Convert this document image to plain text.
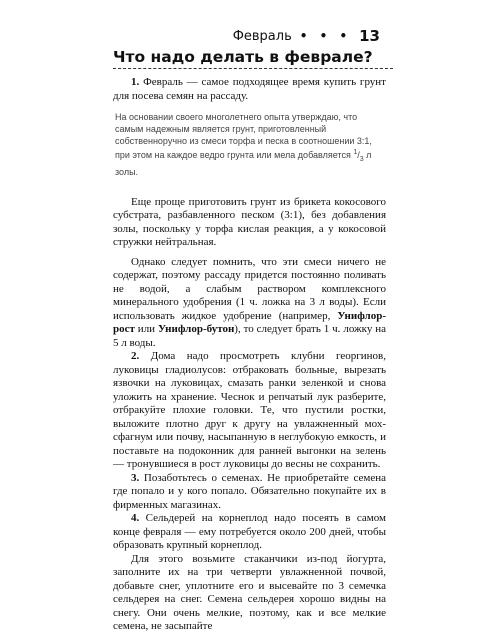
Февраль • • • 13
Что надо делать в феврале?

1. Февраль — самое подходящее время купить грунт для посева семян на рассаду.

На основании своего многолетнего опыта утверждаю, что самым надежным является грунт, приготовленный собственноручно из смеси торфа и песка в соотношении 3:1, при этом на каждое ведро грунта или мела добавляется $^1/_3$ л золы.

Еще проще приготовить грунт из брикета кокосового субстрата, разбавленного песком (3:1), без добавления золы, поскольку у торфа кислая реакция, а у кокосовой стружки нейтральная.

Однако следует помнить, что эти смеси ничего не содержат, поэтому рассаду придется постоянно поливать не водой, а слабым раствором комплексного минерального удобрения (1 ч. ложка на 3 л воды). Если использовать жидкое удобрение (например, Унифлор-рост или Унифлор-бутон), то следует брать 1 ч. ложку на 5 л воды.

2. Дома надо просмотреть клубни георгинов, луковицы гладиолусов: отбраковать больные, вырезать язвочки на луковицах, смазать ранки зеленкой и снова уложить на хранение. Чеснок и репчатый лук разберите, отбракуйте плохие головки. Те, что пустили ростки, выложите плотно друг к другу на увлажненный мох-сфагнум или почву, насыпанную в неглубокую емкость, и поставьте на подоконник для ранней выгонки на зелень — тронувшиеся в рост луковицы до весны не сохранить.

3. Позаботьтесь о семенах. Не приобретайте семена где попало и у кого попало. Обязательно покупайте их в фирменных магазинах.

4. Сельдерей на корнеплод надо посеять в самом конце февраля — ему потребуется около 200 дней, чтобы образовать крупный корнеплод.

Для этого возьмите стаканчики из-под йогурта, заполните их на три четверти увлажненной почвой, добавьте снег, уплотните его и высевайте по 3 семечка сельдерея на снег. Семена сельдерея хорошо видны на снегу. Они очень мелкие, поэтому, как и все мелкие семена, не засыпайте
